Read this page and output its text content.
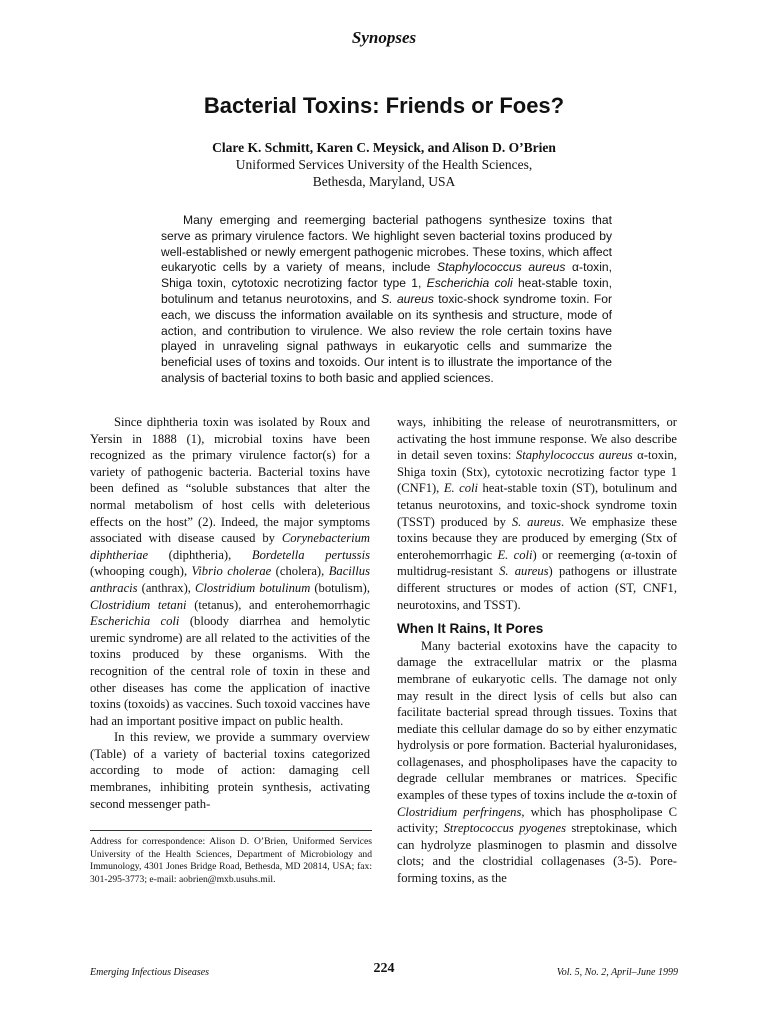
Synopses
Bacterial Toxins: Friends or Foes?
Clare K. Schmitt, Karen C. Meysick, and Alison D. O’Brien
Uniformed Services University of the Health Sciences,
Bethesda, Maryland, USA
Many emerging and reemerging bacterial pathogens synthesize toxins that serve as primary virulence factors. We highlight seven bacterial toxins produced by well-established or newly emergent pathogenic microbes. These toxins, which affect eukaryotic cells by a variety of means, include Staphylococcus aureus α-toxin, Shiga toxin, cytotoxic necrotizing factor type 1, Escherichia coli heat-stable toxin, botulinum and tetanus neurotoxins, and S. aureus toxic-shock syndrome toxin. For each, we discuss the information available on its synthesis and structure, mode of action, and contribution to virulence. We also review the role certain toxins have played in unraveling signal pathways in eukaryotic cells and summarize the beneficial uses of toxins and toxoids. Our intent is to illustrate the importance of the analysis of bacterial toxins to both basic and applied sciences.

Since diphtheria toxin was isolated by Roux and Yersin in 1888 (1), microbial toxins have been recognized as the primary virulence factor(s) for a variety of pathogenic bacteria. Bacterial toxins have been defined as “soluble substances that alter the normal metabolism of host cells with deleterious effects on the host” (2). Indeed, the major symptoms associated with disease caused by Corynebacterium diphtheriae (diphtheria), Bordetella pertussis (whooping cough), Vibrio cholerae (cholera), Bacillus anthracis (anthrax), Clostridium botulinum (botulism), Clostridium tetani (tetanus), and enterohemorrhagic Escherichia coli (bloody diarrhea and hemolytic uremic syndrome) are all related to the activities of the toxins produced by these organisms. With the recognition of the central role of toxin in these and other diseases has come the application of inactive toxins (toxoids) as vaccines. Such toxoid vaccines have had an important positive impact on public health.

In this review, we provide a summary overview (Table) of a variety of bacterial toxins categorized according to mode of action: damaging cell membranes, inhibiting protein synthesis, activating second messenger path-

ways, inhibiting the release of neurotransmitters, or activating the host immune response. We also describe in detail seven toxins: Staphylococcus aureus α-toxin, Shiga toxin (Stx), cytotoxic necrotizing factor type 1 (CNF1), E. coli heat-stable toxin (ST), botulinum and tetanus neurotoxins, and toxic-shock syndrome toxin (TSST) produced by S. aureus. We emphasize these toxins because they are produced by emerging (Stx of enterohemorrhagic E. coli) or reemerging (α-toxin of multidrug-resistant S. aureus) pathogens or illustrate different structures or modes of action (ST, CNF1, neurotoxins, and TSST).

When It Rains, It Pores

Many bacterial exotoxins have the capacity to damage the extracellular matrix or the plasma membrane of eukaryotic cells. The damage not only may result in the direct lysis of cells but also can facilitate bacterial spread through tissues. Toxins that mediate this cellular damage do so by either enzymatic hydrolysis or pore formation. Bacterial hyaluronidases, collagenases, and phospholipases have the capacity to degrade cellular membranes or matrices. Specific examples of these types of toxins include the α-toxin of Clostridium perfringens, which has phospholipase C activity; Streptococcus pyogenes streptokinase, which can hydrolyze plasminogen to plasmin and dissolve clots; and the clostridial collagenases (3-5). Pore-forming toxins, as the

Address for correspondence: Alison D. O’Brien, Uniformed Services University of the Health Sciences, Department of Microbiology and Immunology, 4301 Jones Bridge Road, Bethesda, MD 20814, USA; fax: 301-295-3773; e-mail: aobrien@mxb.usuhs.mil.
Emerging Infectious Diseases	224	Vol. 5, No. 2, April–June 1999
